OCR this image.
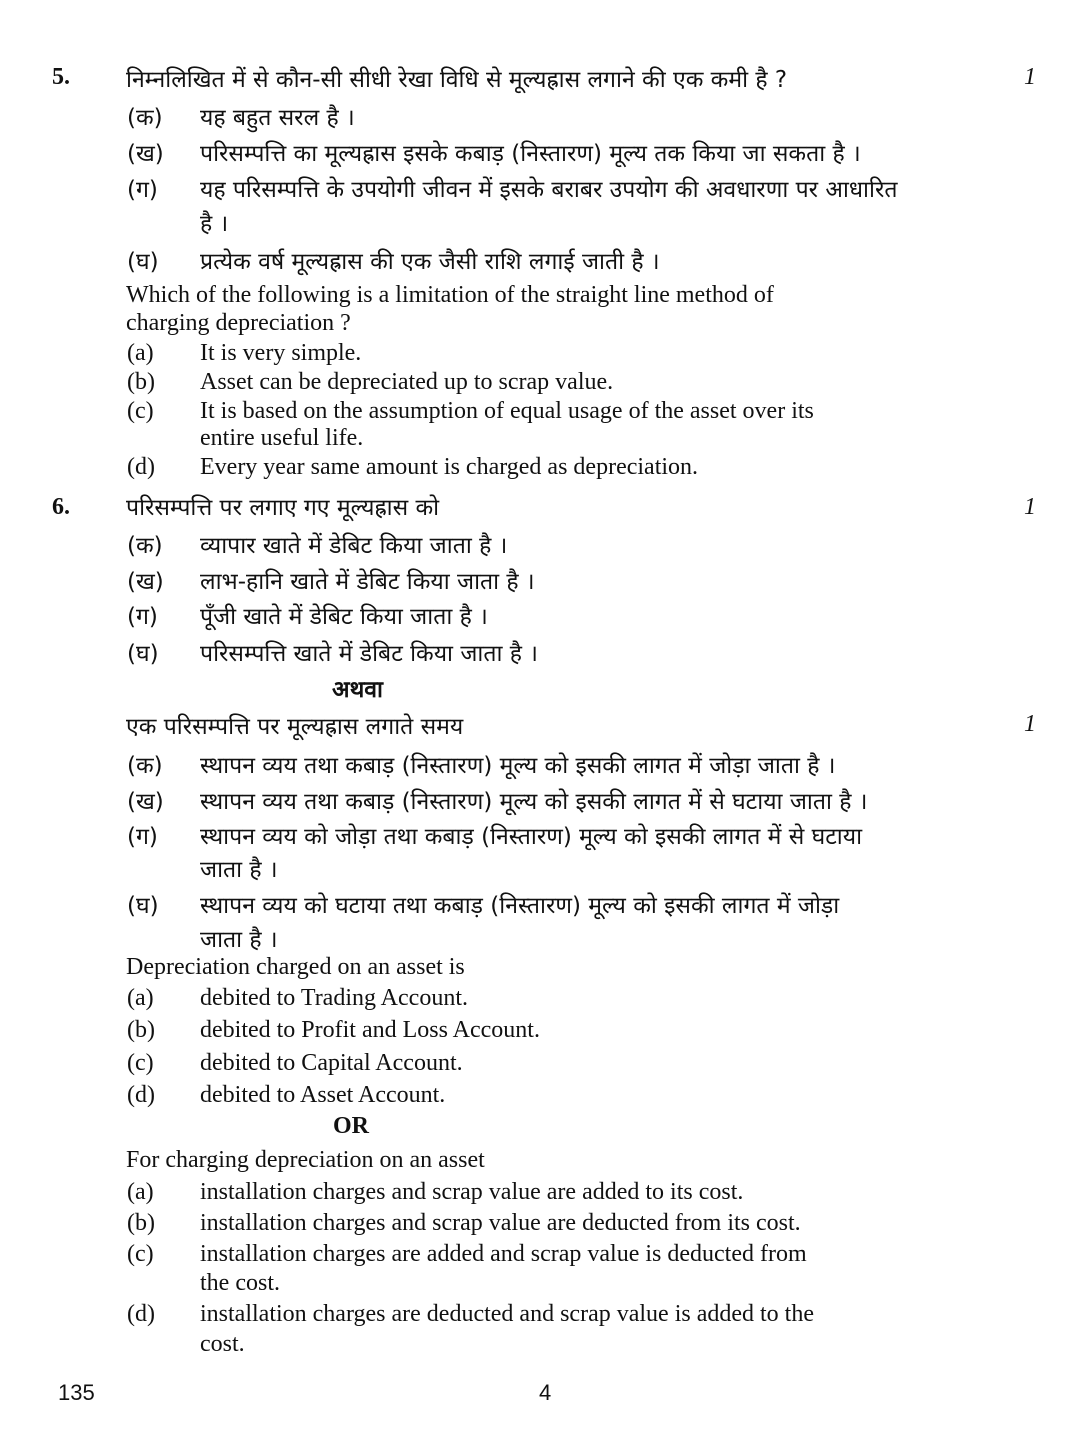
5. निम्नलिखित में से कौन-सी सीधी रेखा विधि से मूल्यह्रास लगाने की एक कमी है ?	1
(क) यह बहुत सरल है ।
(ख) परिसम्पत्ति का मूल्यह्रास इसके कबाड़ (निस्तारण) मूल्य तक किया जा सकता है ।
(ग) यह परिसम्पत्ति के उपयोगी जीवन में इसके बराबर उपयोग की अवधारणा पर आधारित
है ।
(घ) प्रत्येक वर्ष मूल्यह्रास की एक जैसी राशि लगाई जाती है ।
Which of the following is a limitation of the straight line method of
charging depreciation ?
(a) It is very simple.
(b) Asset can be depreciated up to scrap value.
(c) It is based on the assumption of equal usage of the asset over its
entire useful life.
(d) Every year same amount is charged as depreciation.
6. परिसम्पत्ति पर लगाए गए मूल्यह्रास को	1
(क) व्यापार खाते में डेबिट किया जाता है ।
(ख) लाभ-हानि खाते में डेबिट किया जाता है ।
(ग) पूँजी खाते में डेबिट किया जाता है ।
(घ) परिसम्पत्ति खाते में डेबिट किया जाता है ।
अथवा
एक परिसम्पत्ति पर मूल्यह्रास लगाते समय	1
(क) स्थापन व्यय तथा कबाड़ (निस्तारण) मूल्य को इसकी लागत में जोड़ा जाता है ।
(ख) स्थापन व्यय तथा कबाड़ (निस्तारण) मूल्य को इसकी लागत में से घटाया जाता है ।
(ग) स्थापन व्यय को जोड़ा तथा कबाड़ (निस्तारण) मूल्य को इसकी लागत में से घटाया
जाता है ।
(घ) स्थापन व्यय को घटाया तथा कबाड़ (निस्तारण) मूल्य को इसकी लागत में जोड़ा
जाता है ।
Depreciation charged on an asset is
(a) debited to Trading Account.
(b) debited to Profit and Loss Account.
(c) debited to Capital Account.
(d) debited to Asset Account.
OR
For charging depreciation on an asset
(a) installation charges and scrap value are added to its cost.
(b) installation charges and scrap value are deducted from its cost.
(c) installation charges are added and scrap value is deducted from
the cost.
(d) installation charges are deducted and scrap value is added to the
cost.
135	4
